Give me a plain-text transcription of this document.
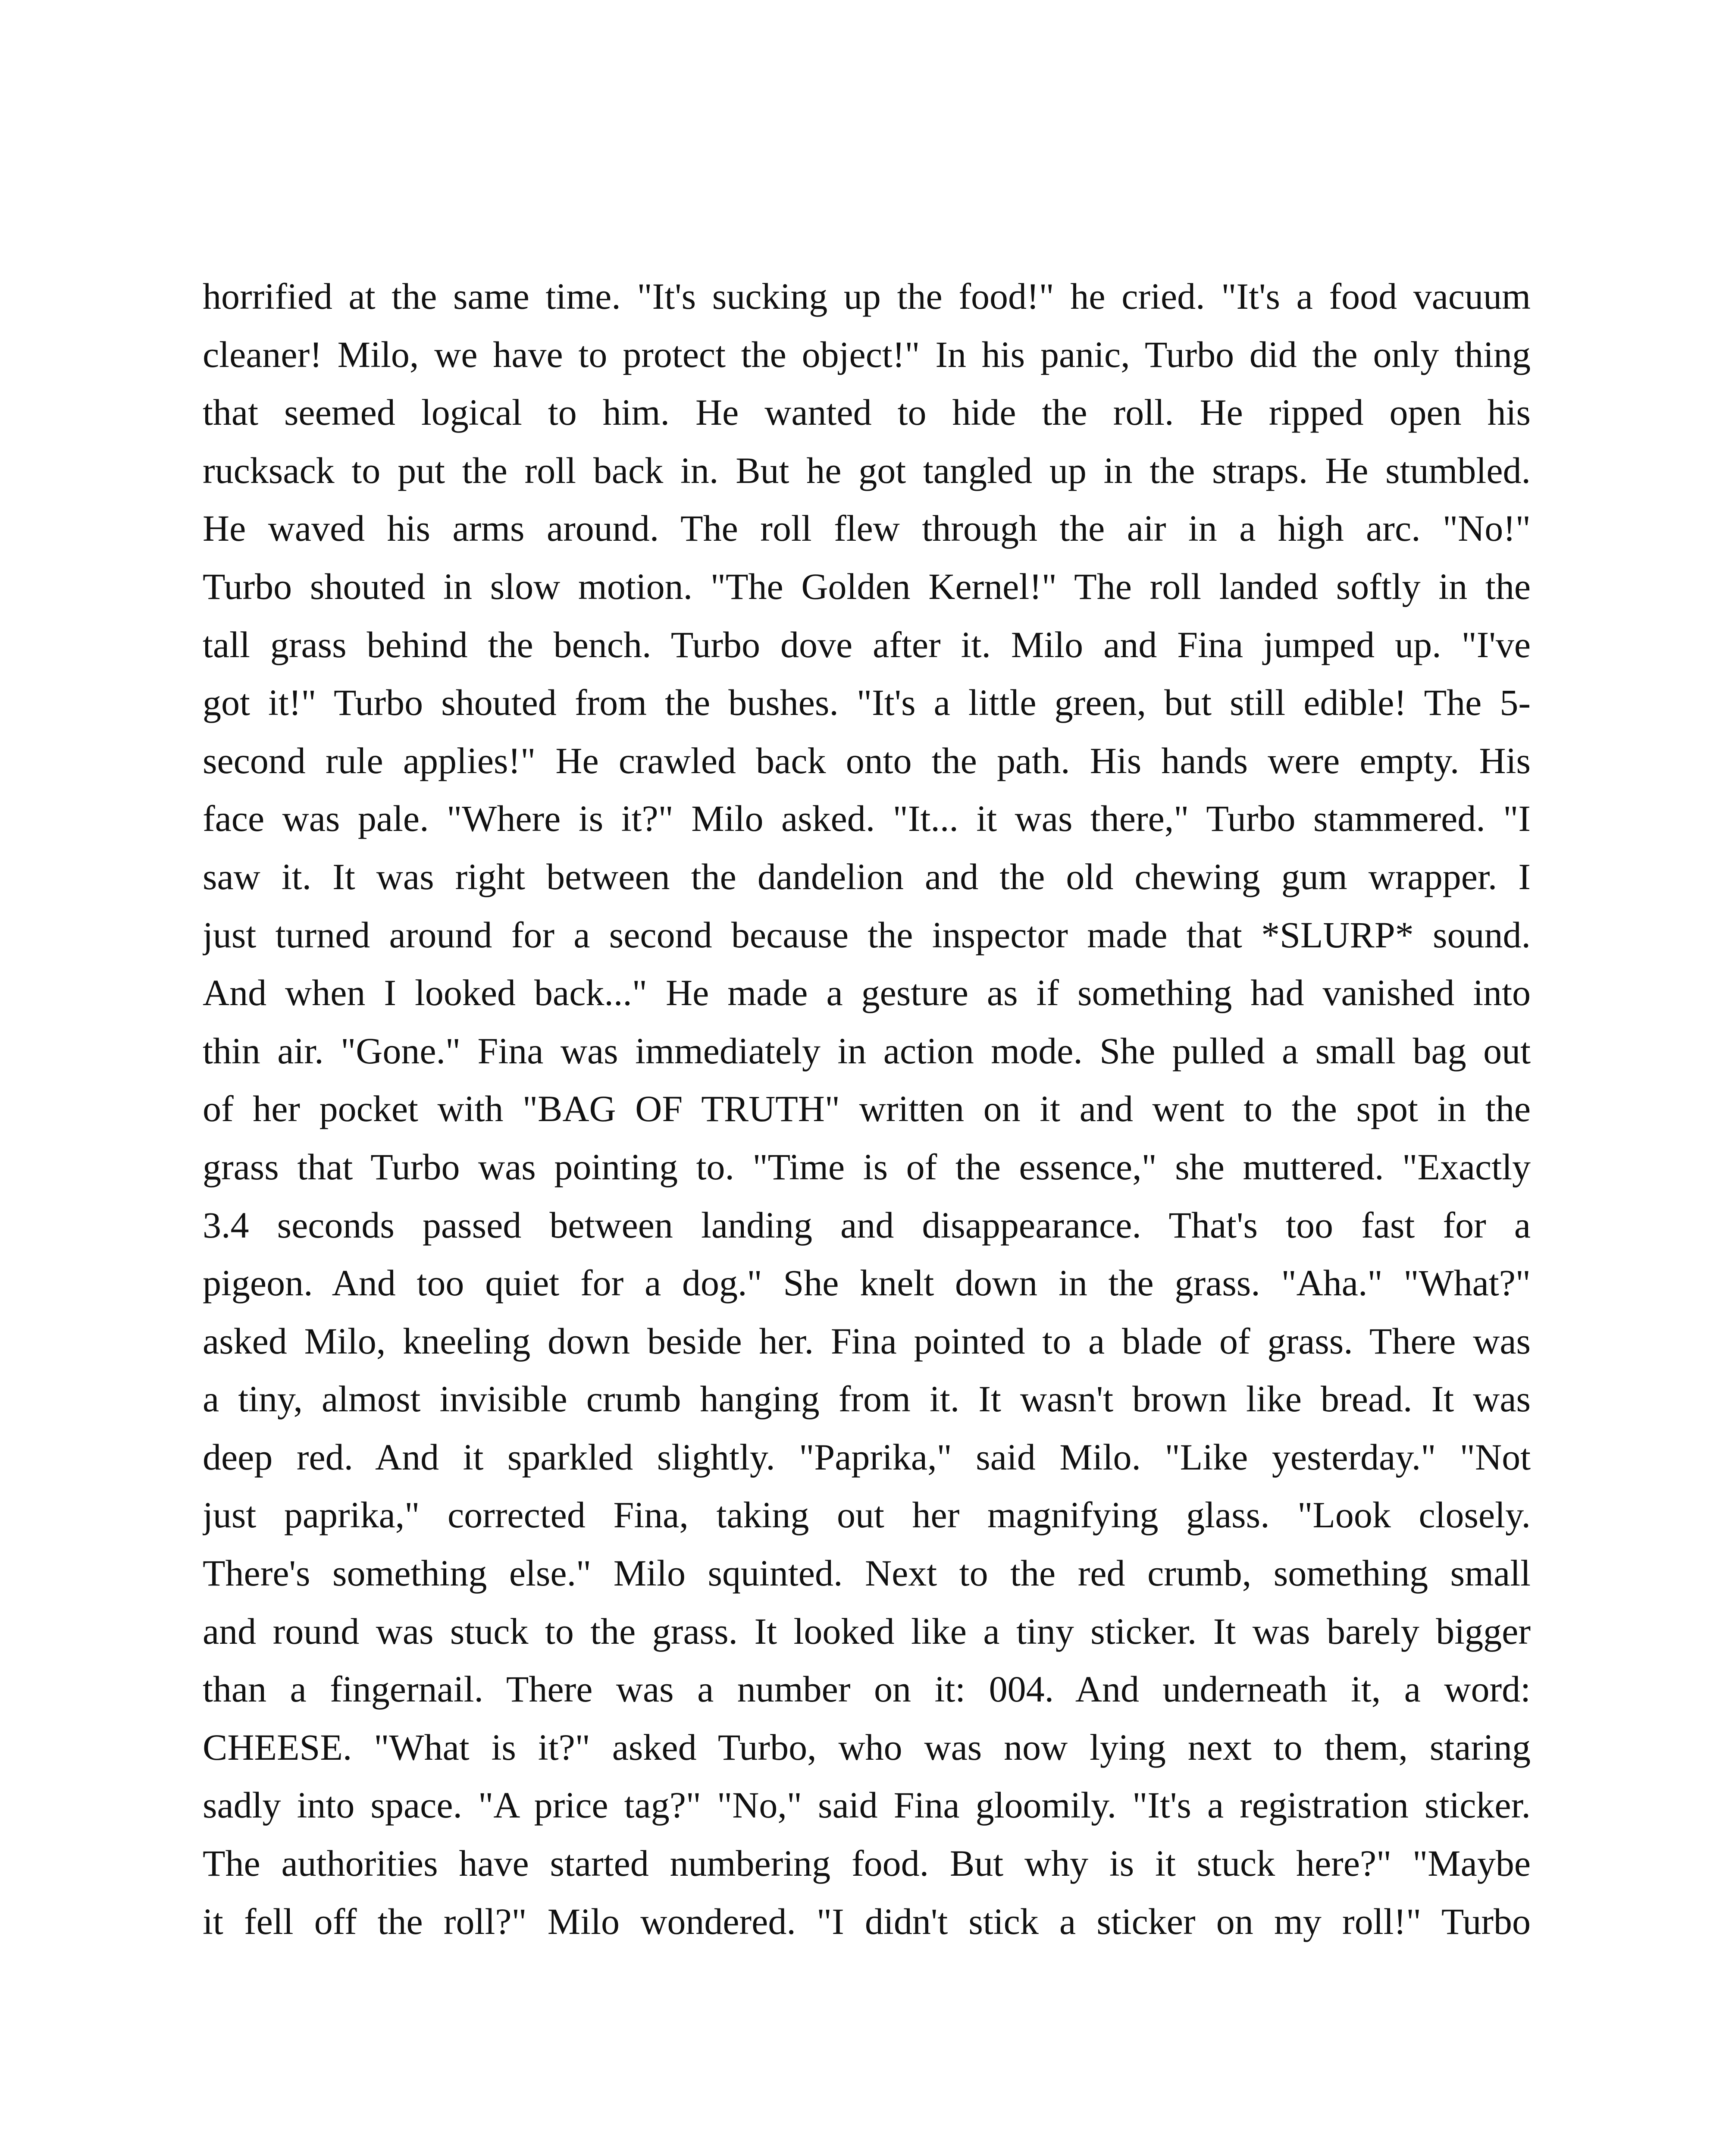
horrified at the same time. "It's sucking up the food!" he cried. "It's a food vacuum
cleaner! Milo, we have to protect the object!" In his panic, Turbo did the only thing
that seemed logical to him. He wanted to hide the roll. He ripped open his
rucksack to put the roll back in. But he got tangled up in the straps. He stumbled.
He waved his arms around. The roll flew through the air in a high arc. "No!"
Turbo shouted in slow motion. "The Golden Kernel!" The roll landed softly in the
tall grass behind the bench. Turbo dove after it. Milo and Fina jumped up. "I've
got it!" Turbo shouted from the bushes. "It's a little green, but still edible! The 5-
second rule applies!" He crawled back onto the path. His hands were empty. His
face was pale. "Where is it?" Milo asked. "It... it was there," Turbo stammered. "I
saw it. It was right between the dandelion and the old chewing gum wrapper. I
just turned around for a second because the inspector made that *SLURP* sound.
And when I looked back..." He made a gesture as if something had vanished into
thin air. "Gone." Fina was immediately in action mode. She pulled a small bag out
of her pocket with "BAG OF TRUTH" written on it and went to the spot in the
grass that Turbo was pointing to. "Time is of the essence," she muttered. "Exactly
3.4 seconds passed between landing and disappearance. That's too fast for a
pigeon. And too quiet for a dog." She knelt down in the grass. "Aha." "What?"
asked Milo, kneeling down beside her. Fina pointed to a blade of grass. There was
a tiny, almost invisible crumb hanging from it. It wasn't brown like bread. It was
deep red. And it sparkled slightly. "Paprika," said Milo. "Like yesterday." "Not
just paprika," corrected Fina, taking out her magnifying glass. "Look closely.
There's something else." Milo squinted. Next to the red crumb, something small
and round was stuck to the grass. It looked like a tiny sticker. It was barely bigger
than a fingernail. There was a number on it: 004. And underneath it, a word:
CHEESE. "What is it?" asked Turbo, who was now lying next to them, staring
sadly into space. "A price tag?" "No," said Fina gloomily. "It's a registration sticker.
The authorities have started numbering food. But why is it stuck here?" "Maybe
it fell off the roll?" Milo wondered. "I didn't stick a sticker on my roll!" Turbo
